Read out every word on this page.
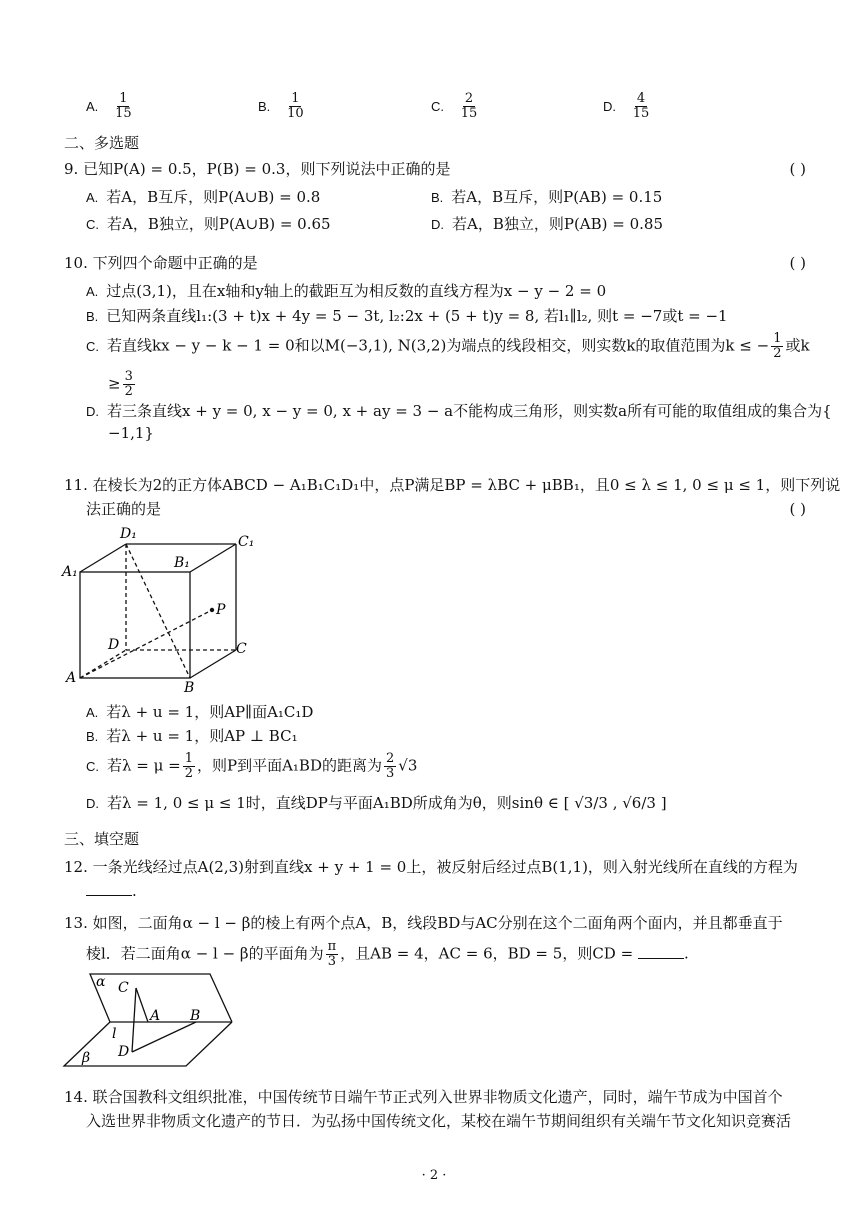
A. $\frac{1}{15}$	B. $\frac{1}{10}$	C. $\frac{2}{15}$	D. $\frac{4}{15}$
二、多选题
9. 已知P(A) = 0.5，P(B) = 0.3，则下列说法中正确的是	( )
A. 若A，B互斥，则P(A∪B) = 0.8	B. 若A，B互斥，则P(AB) = 0.15
C. 若A，B独立，则P(A∪B) = 0.65	D. 若A，B独立，则P(AB) = 0.85
10. 下列四个命题中正确的是	( )
A. 过点(3,1)，且在x轴和y轴上的截距互为相反数的直线方程为x − y − 2 = 0
B. 已知两条直线l₁:(3 + t)x + 4y = 5 − 3t, l₂:2x + (5 + t)y = 8, 若l₁∥l₂, 则t = −7或t = −1
C. 若直线kx − y − k − 1 = 0和以M(−3,1), N(3,2)为端点的线段相交，则实数k的取值范围为k ≤ − $\frac{1}{2}$ 或k
≥ $\frac{3}{2}$
D. 若三条直线x + y = 0, x − y = 0, x + ay = 3 − a不能构成三角形，则实数a所有可能的取值组成的集合为{
−1,1}
11. 在棱长为2的正方体ABCD − A₁B₁C₁D₁中，点P满足BP = λBC + μBB₁，且0 ≤ λ ≤ 1, 0 ≤ μ ≤ 1，则下列说
法正确的是	( )
D₁	C₁
B₁
A₁
P
D	C
A
B
A. 若λ + u = 1，则AP∥面A₁C₁D
B. 若λ + u = 1，则AP ⊥ BC₁
C. 若$\lambda = \mu = \frac{1}{2}$ ，则P到平面A₁BD的距离为 $\frac{2}{3} √3$
D. 若λ = 1, 0 ≤ μ ≤ 1时，直线DP与平面A₁BD所成角为θ，则sinθ ∈ [ √3/3 , √6/3 ]
三、填空题
12. 一条光线经过点A(2,3)射到直线x + y + 1 = 0上，被反射后经过点B(1,1)，则入射光线所在直线的方程为
.
13. 如图，二面角α − l − β的棱上有两个点A，B，线段BD与AC分别在这个二面角两个面内，并且都垂直于
棱l．若二面角α − l − β的平面角为 $\frac{\pi}{3}$ ，且AB = 4，AC = 6，BD = 5，则CD =	.
α C
A B
l
D
β
14. 联合国教科文组织批准，中国传统节日端午节正式列入世界非物质文化遗产，同时，端午节成为中国首个
入选世界非物质文化遗产的节日．为弘扬中国传统文化，某校在端午节期间组织有关端午节文化知识竞赛活
· 2 ·
